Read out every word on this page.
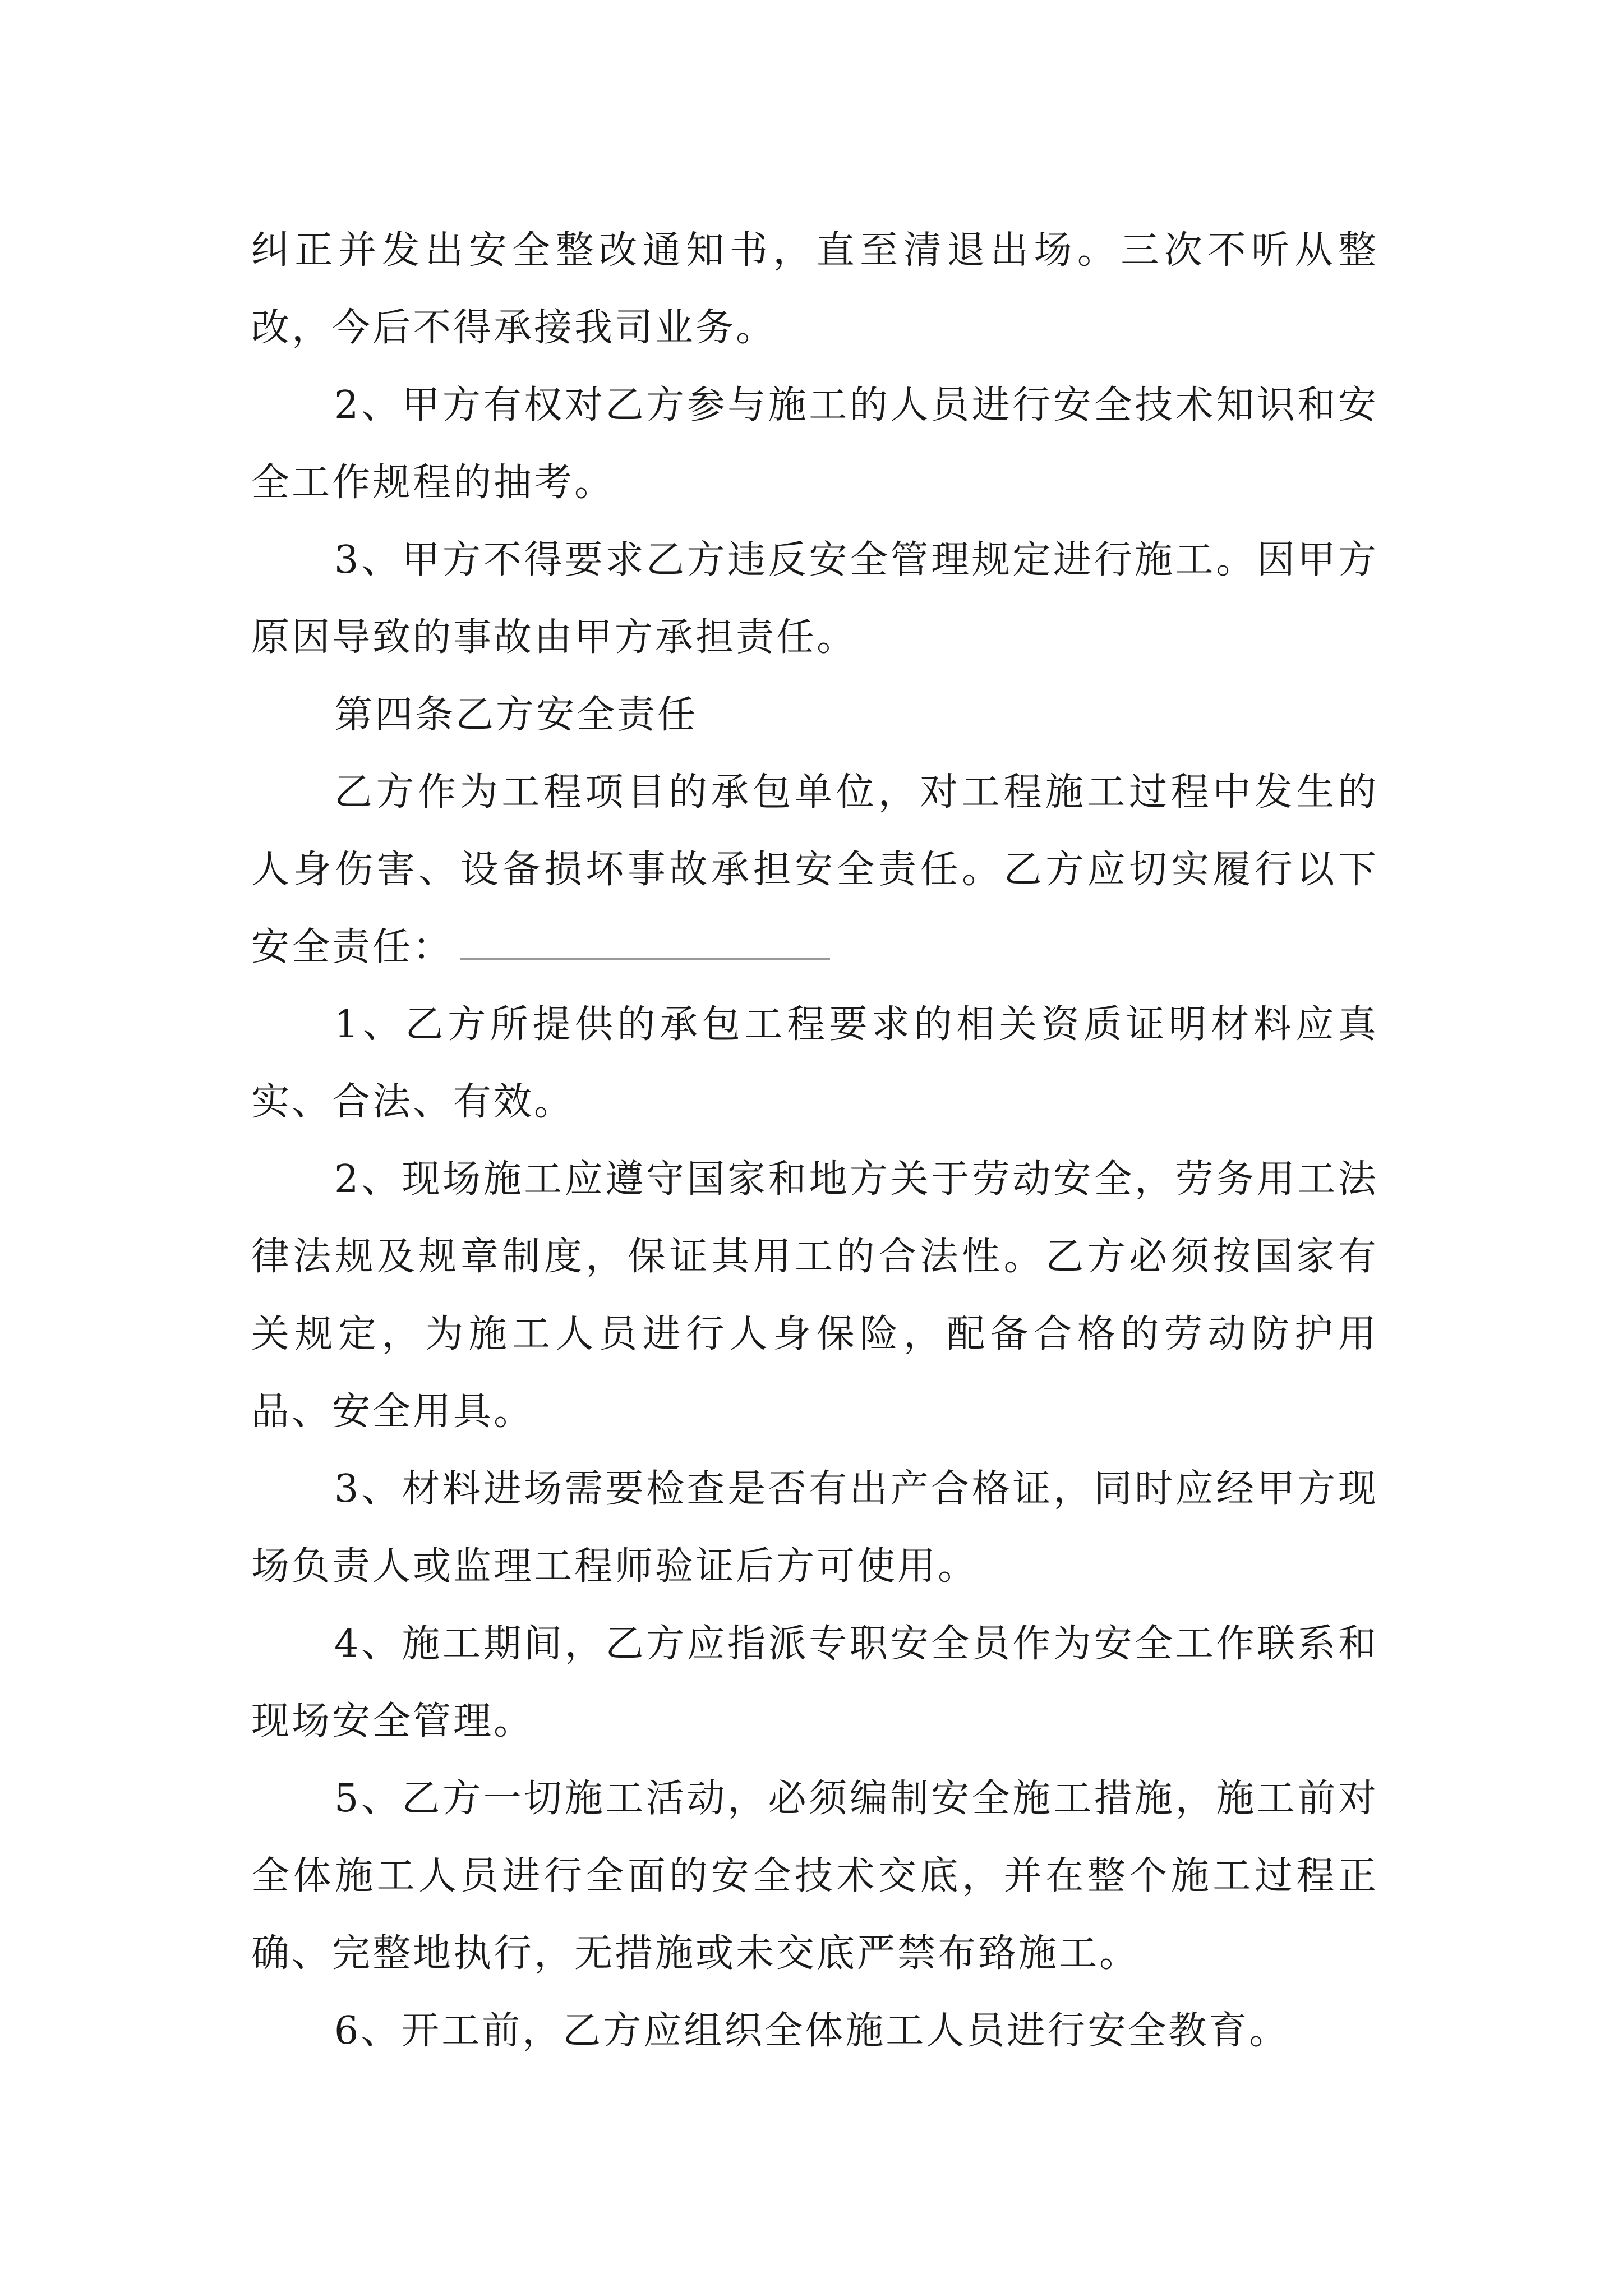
纠正并发出安全整改通知书，直至清退出场。三次不听从整改，今后不得承接我司业务。

2、甲方有权对乙方参与施工的人员进行安全技术知识和安全工作规程的抽考。

3、甲方不得要求乙方违反安全管理规定进行施工。因甲方原因导致的事故由甲方承担责任。

第四条乙方安全责任

乙方作为工程项目的承包单位，对工程施工过程中发生的人身伤害、设备损坏事故承担安全责任。乙方应切实履行以下安全责任：

1、乙方所提供的承包工程要求的相关资质证明材料应真实、合法、有效。

2、现场施工应遵守国家和地方关于劳动安全，劳务用工法律法规及规章制度，保证其用工的合法性。乙方必须按国家有关规定，为施工人员进行人身保险，配备合格的劳动防护用品、安全用具。

3、材料进场需要检查是否有出产合格证，同时应经甲方现场负责人或监理工程师验证后方可使用。

4、施工期间，乙方应指派专职安全员作为安全工作联系和现场安全管理。

5、乙方一切施工活动，必须编制安全施工措施，施工前对全体施工人员进行全面的安全技术交底，并在整个施工过程正确、完整地执行，无措施或未交底严禁布臵施工。

6、开工前，乙方应组织全体施工人员进行安全教育。
